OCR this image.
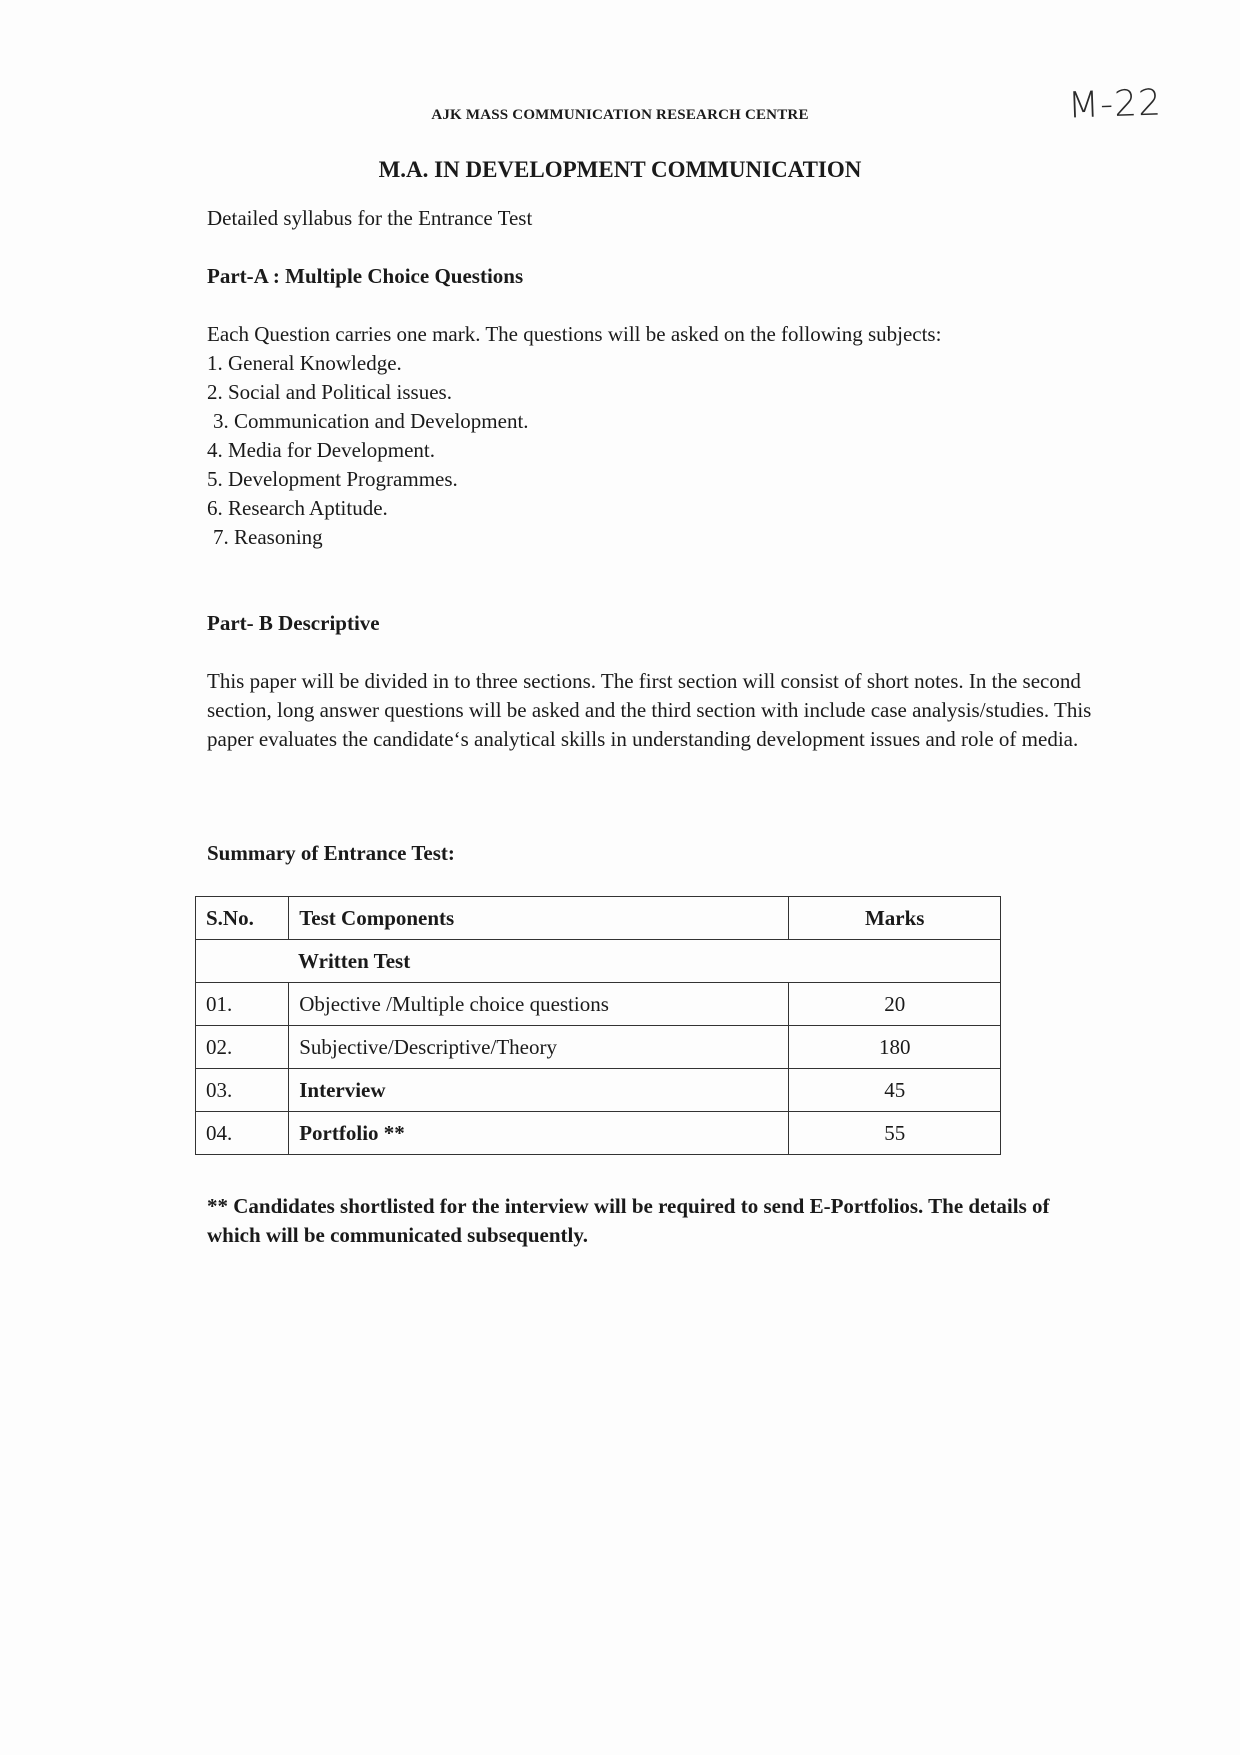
M-22
AJK MASS COMMUNICATION RESEARCH CENTRE
M.A. IN DEVELOPMENT COMMUNICATION
Detailed syllabus for the Entrance Test
Part-A : Multiple Choice Questions
Each Question carries one mark. The questions will be asked on the following subjects:
1. General Knowledge.
2. Social and Political issues.
3. Communication and Development.
4. Media for Development.
5. Development Programmes.
6. Research Aptitude.
7. Reasoning
Part- B Descriptive
This paper will be divided in to three sections. The first section will consist of short notes. In the second section, long answer questions will be asked and the third section with include case analysis/studies. This paper evaluates the candidate‘s analytical skills in understanding development issues and role of media.
Summary of Entrance Test:
S.No.	Test Components	Marks
Written Test		
01.	Objective /Multiple choice questions	20
02.	Subjective/Descriptive/Theory	180
03.	Interview	45
04.	Portfolio **	55
** Candidates shortlisted for the interview will be required to send E-Portfolios. The details of which will be communicated subsequently.
